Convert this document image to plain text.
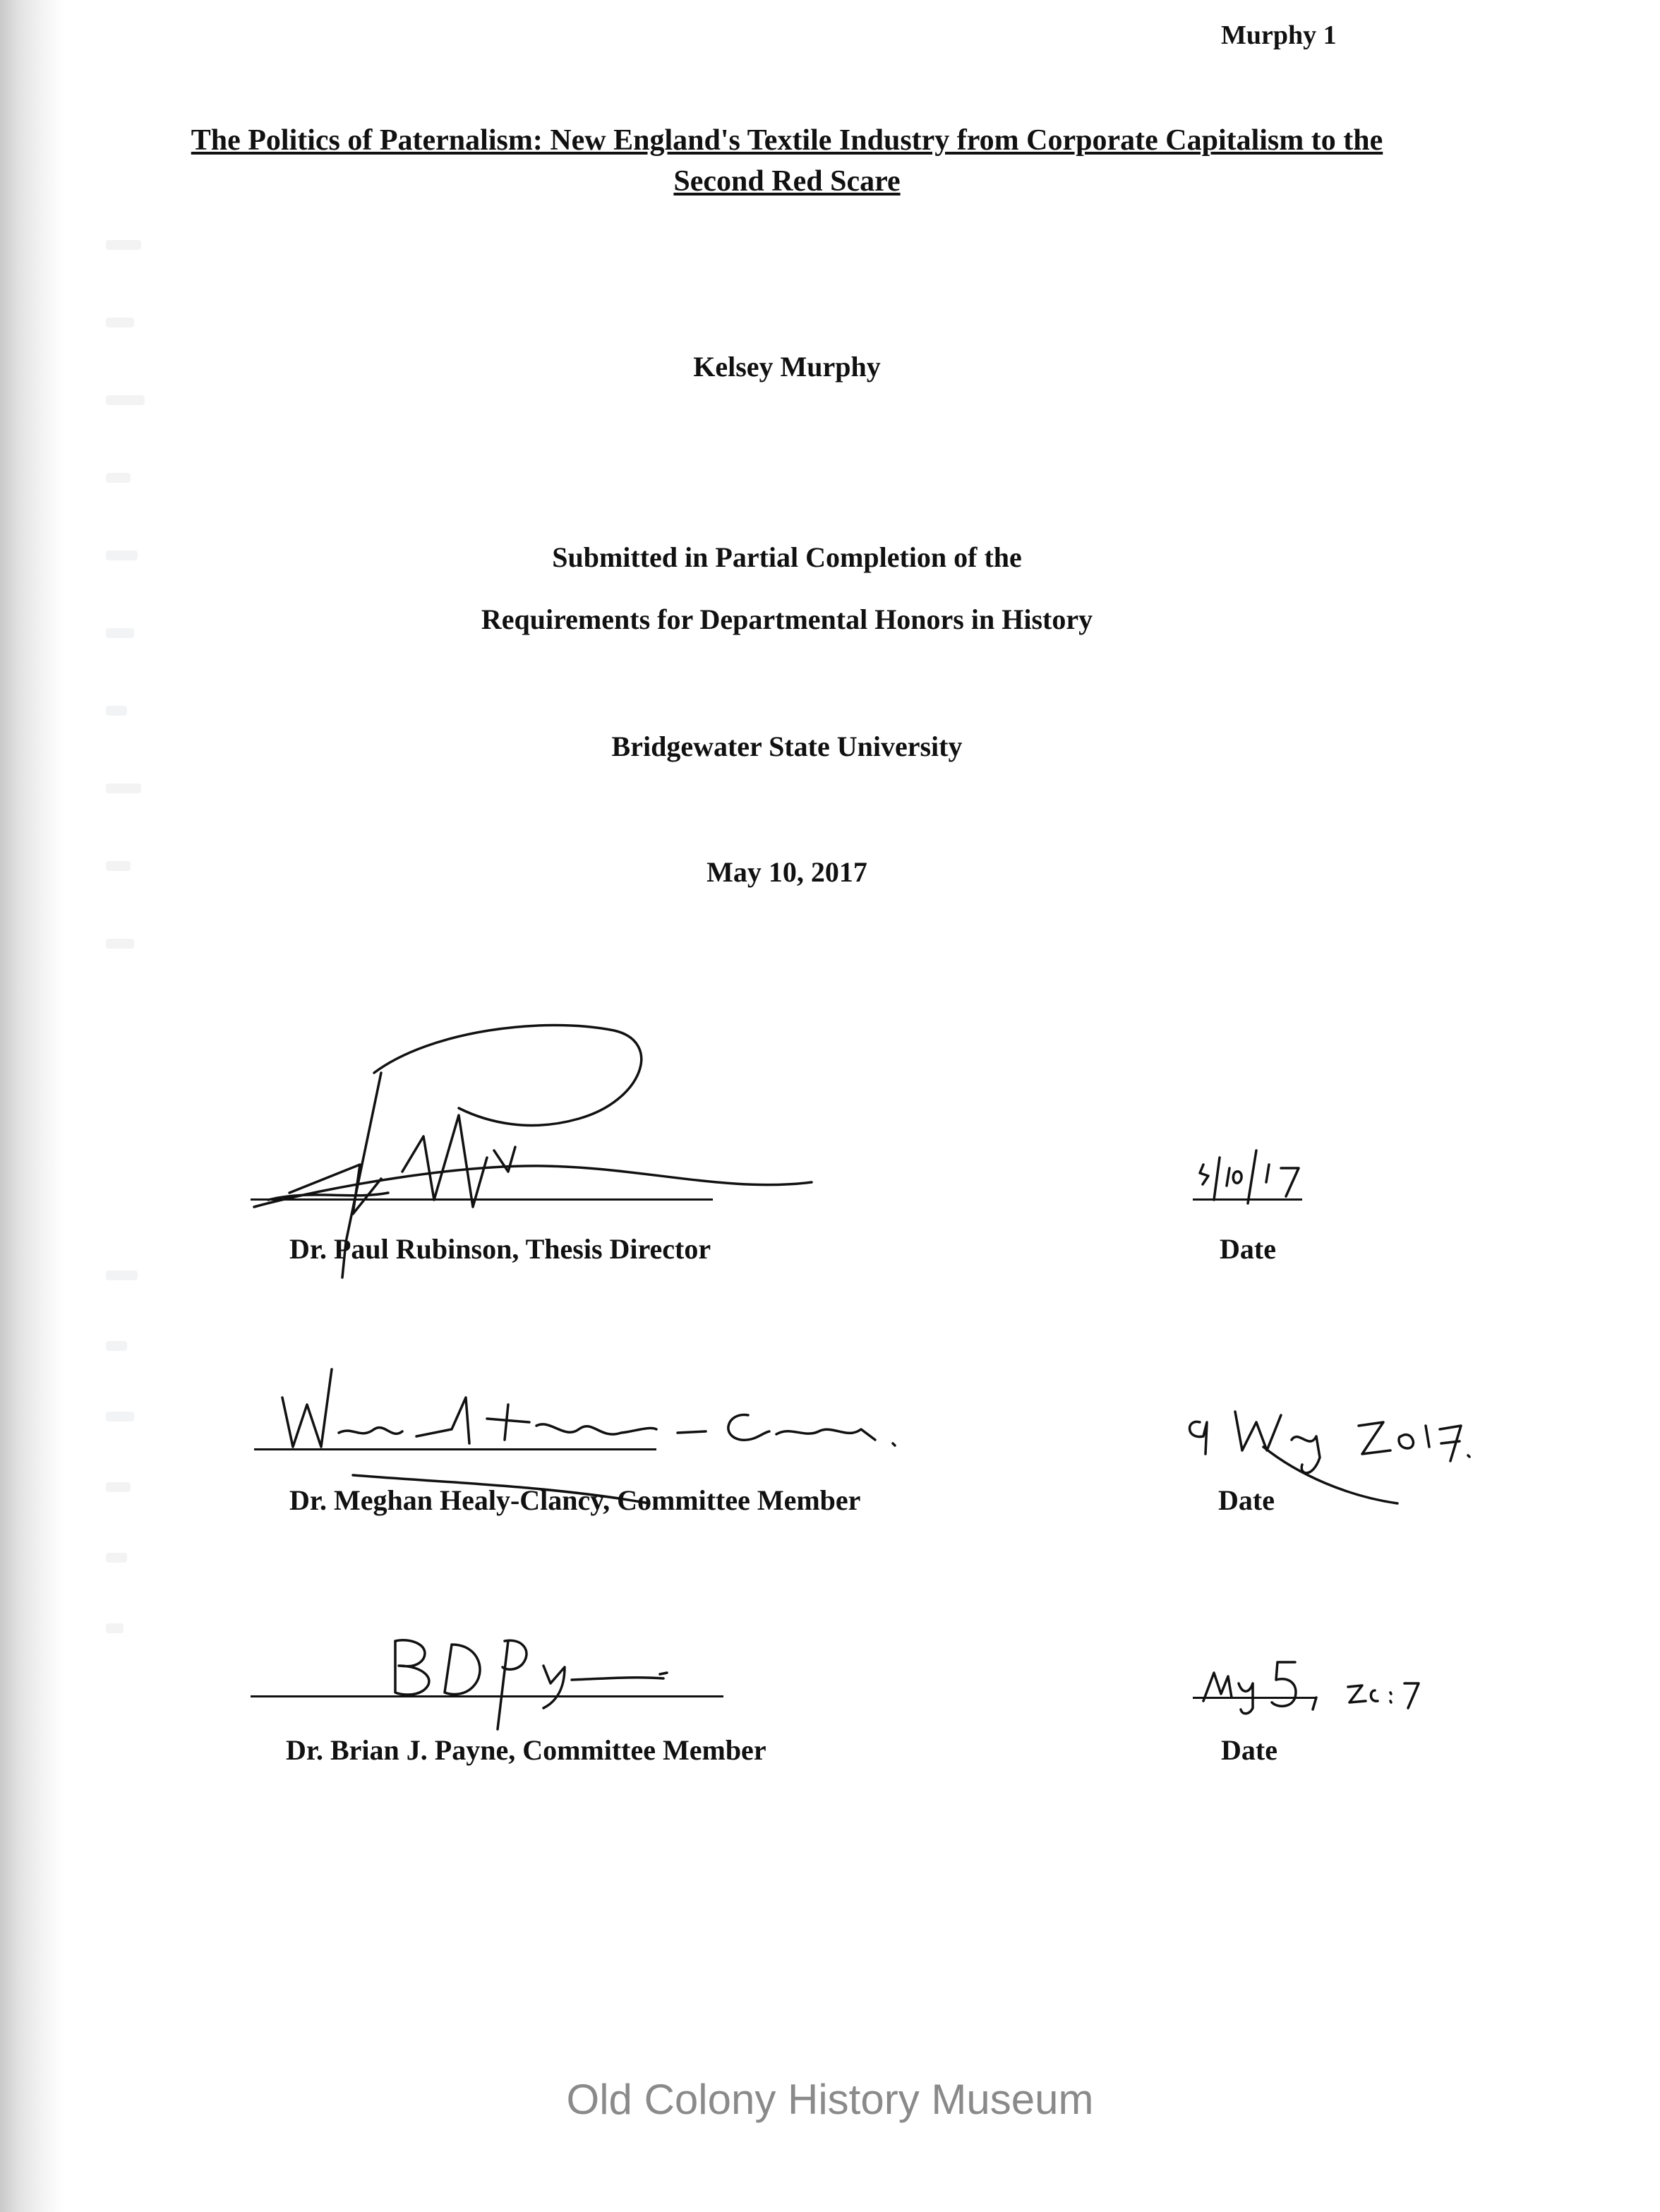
Murphy 1
The Politics of Paternalism: New England's Textile Industry from Corporate Capitalism to the
Second Red Scare
Kelsey Murphy
Submitted in Partial Completion of the
Requirements for Departmental Honors in History
Bridgewater State University
May 10, 2017
Dr. Paul Rubinson, Thesis Director	Date
Dr. Meghan Healy-Clancy, Committee Member	Date
Dr. Brian J. Payne, Committee Member	Date
Old Colony History Museum
